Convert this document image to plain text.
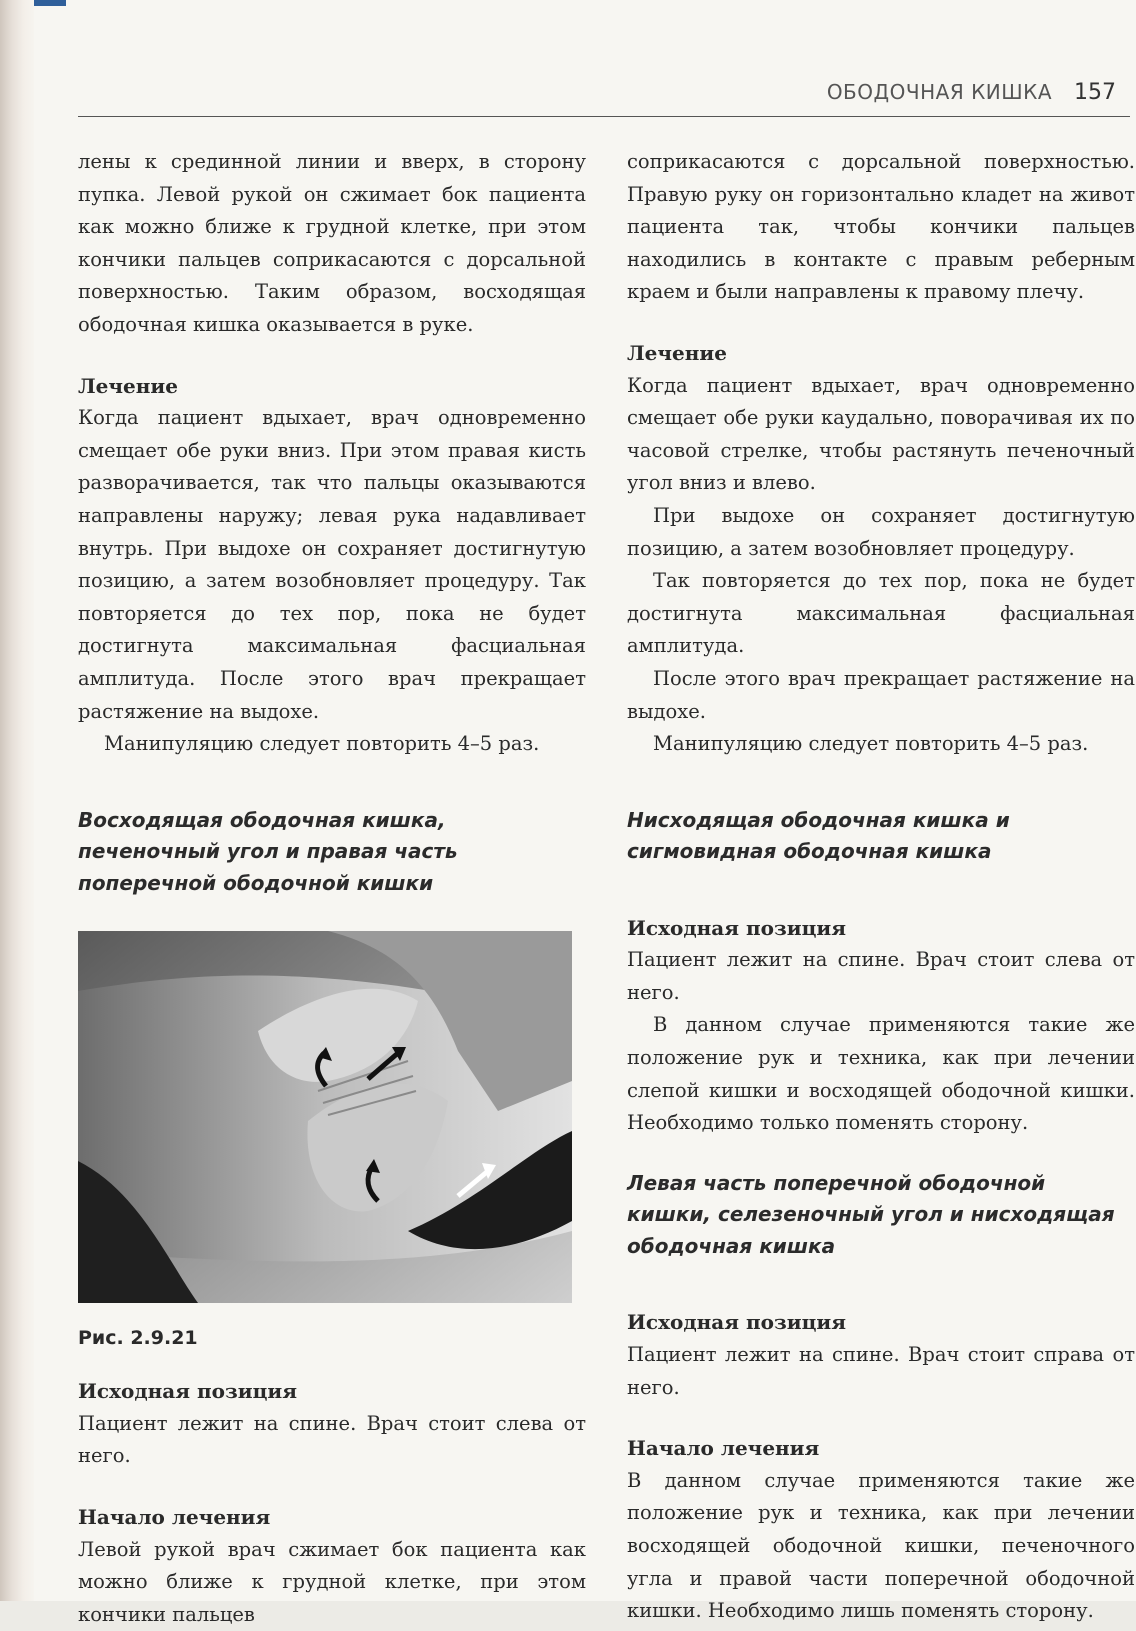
ОБОДОЧНАЯ КИШКА 157

лены к срединной линии и вверх, в сторону пупка. Левой рукой он сжимает бок пациента как можно ближе к грудной клетке, при этом кончики пальцев соприкасаются с дорсальной поверхностью. Таким образом, восходящая ободочная кишка оказывается в руке.

Лечение

Когда пациент вдыхает, врач одновременно смещает обе руки вниз. При этом правая кисть разворачивается, так что пальцы оказываются направлены наружу; левая рука надавливает внутрь. При выдохе он сохраняет достигнутую позицию, а затем возобновляет процедуру. Так повторяется до тех пор, пока не будет достигнута максимальная фасциальная амплитуда. После этого врач прекращает растяжение на выдохе.

Манипуляцию следует повторить 4–5 раз.

Восходящая ободочная кишка, печеночный угол и правая часть поперечной ободочной кишки
Рис. 2.9.21
Исходная позиция

Пациент лежит на спине. Врач стоит слева от него.

Начало лечения

Левой рукой врач сжимает бок пациента как можно ближе к грудной клетке, при этом кончики пальцев

соприкасаются с дорсальной поверхностью. Правую руку он горизонтально кладет на живот пациента так, чтобы кончики пальцев находились в контакте с правым реберным краем и были направлены к правому плечу.

Лечение

Когда пациент вдыхает, врач одновременно смещает обе руки каудально, поворачивая их по часовой стрелке, чтобы растянуть печеночный угол вниз и влево.

При выдохе он сохраняет достигнутую позицию, а затем возобновляет процедуру.

Так повторяется до тех пор, пока не будет достигнута максимальная фасциальная амплитуда.

После этого врач прекращает растяжение на выдохе.

Манипуляцию следует повторить 4–5 раз.

Нисходящая ободочная кишка и сигмовидная ободочная кишка
Исходная позиция

Пациент лежит на спине. Врач стоит слева от него.

В данном случае применяются такие же положение рук и техника, как при лечении слепой кишки и восходящей ободочной кишки. Необходимо только поменять сторону.

Левая часть поперечной ободочной кишки, селезеночный угол и нисходящая ободочная кишка
Исходная позиция

Пациент лежит на спине. Врач стоит справа от него.

Начало лечения

В данном случае применяются такие же положение рук и техника, как при лечении восходящей ободочной кишки, печеночного угла и правой части поперечной ободочной кишки. Необходимо лишь поменять сторону.
